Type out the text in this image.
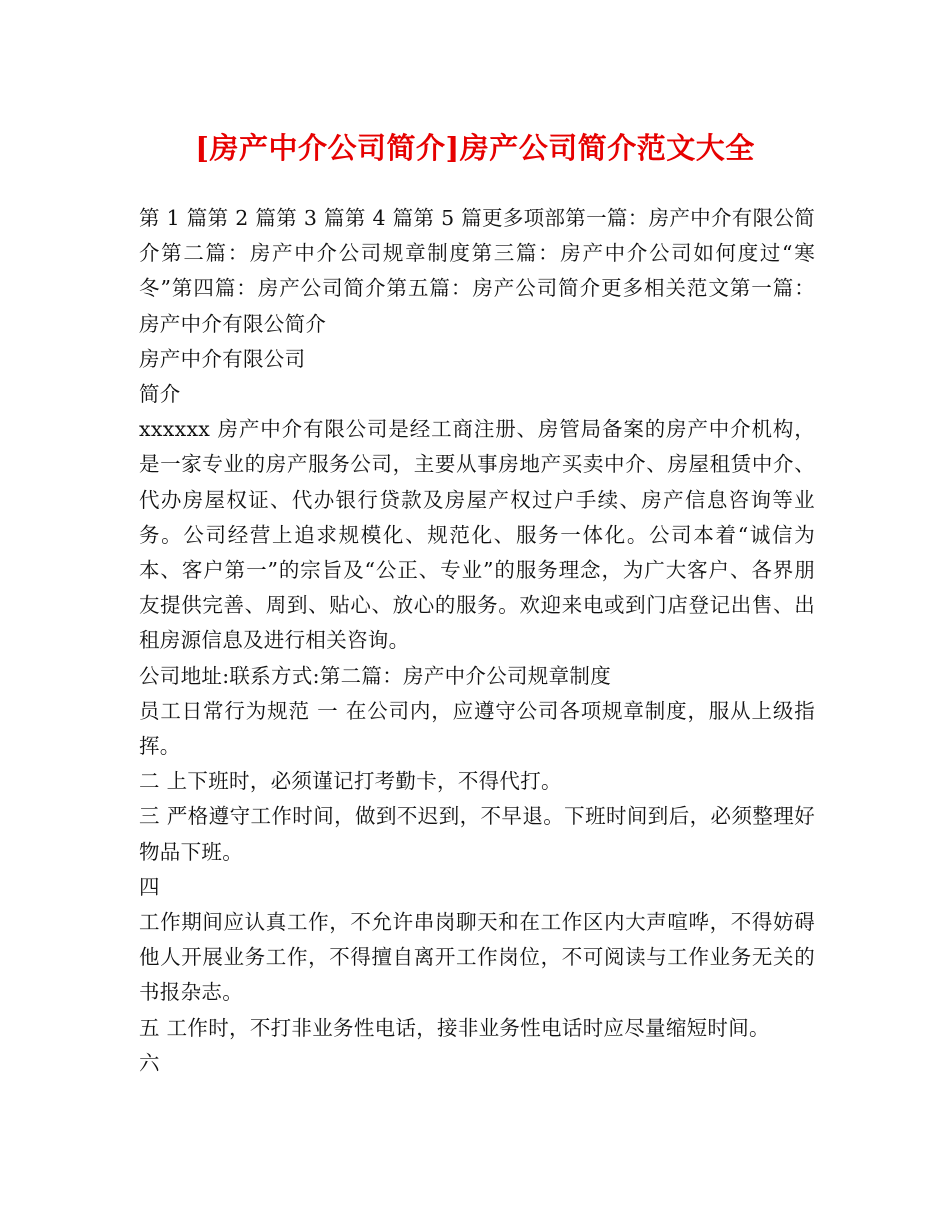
[房产中介公司简介]房产公司简介范文大全

第 1 篇第 2 篇第 3 篇第 4 篇第 5 篇更多项部第一篇：房产中介有限公简介第二篇：房产中介公司规章制度第三篇：房产中介公司如何度过“寒冬”第四篇：房产公司简介第五篇：房产公司简介更多相关范文第一篇：房产中介有限公简介

房产中介有限公司

简介

xxxxxx 房产中介有限公司是经工商注册、房管局备案的房产中介机构，是一家专业的房产服务公司，主要从事房地产买卖中介、房屋租赁中介、代办房屋权证、代办银行贷款及房屋产权过户手续、房产信息咨询等业务。公司经营上追求规模化、规范化、服务一体化。公司本着“诚信为本、客户第一”的宗旨及“公正、专业”的服务理念，为广大客户、各界朋友提供完善、周到、贴心、放心的服务。欢迎来电或到门店登记出售、出租房源信息及进行相关咨询。

公司地址:联系方式:第二篇：房产中介公司规章制度

员工日常行为规范 一 在公司内，应遵守公司各项规章制度，服从上级指挥。

二 上下班时，必须谨记打考勤卡，不得代打。

三 严格遵守工作时间，做到不迟到，不早退。下班时间到后，必须整理好物品下班。

四

工作期间应认真工作，不允许串岗聊天和在工作区内大声喧哗，不得妨碍他人开展业务工作，不得擅自离开工作岗位，不可阅读与工作业务无关的书报杂志。

五 工作时，不打非业务性电话，接非业务性电话时应尽量缩短时间。

六
